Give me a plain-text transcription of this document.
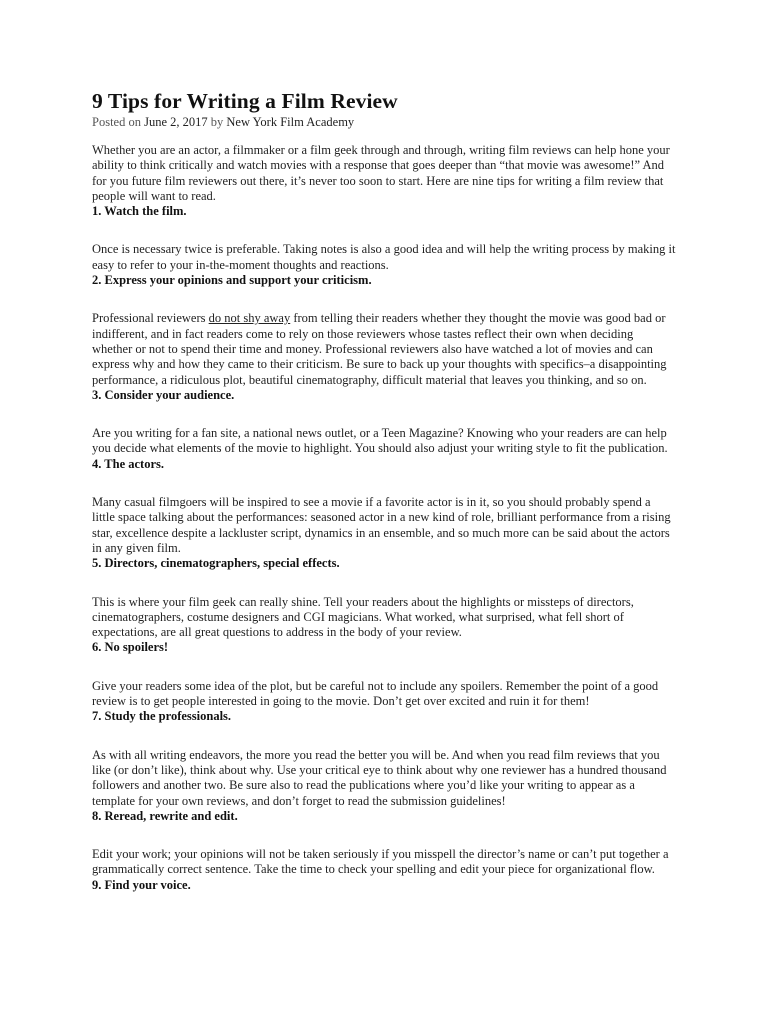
9 Tips for Writing a Film Review

Posted on June 2, 2017 by New York Film Academy

Whether you are an actor, a filmmaker or a film geek through and through, writing film reviews can help hone your ability to think critically and watch movies with a response that goes deeper than “that movie was awesome!” And for you future film reviewers out there, it’s never too soon to start. Here are nine tips for writing a film review that people will want to read.

1. Watch the film.

Once is necessary twice is preferable. Taking notes is also a good idea and will help the writing process by making it easy to refer to your in-the-moment thoughts and reactions.

2. Express your opinions and support your criticism.

Professional reviewers do not shy away from telling their readers whether they thought the movie was good bad or indifferent, and in fact readers come to rely on those reviewers whose tastes reflect their own when deciding whether or not to spend their time and money. Professional reviewers also have watched a lot of movies and can express why and how they came to their criticism. Be sure to back up your thoughts with specifics–a disappointing performance, a ridiculous plot, beautiful cinematography, difficult material that leaves you thinking, and so on.

3. Consider your audience.

Are you writing for a fan site, a national news outlet, or a Teen Magazine? Knowing who your readers are can help you decide what elements of the movie to highlight. You should also adjust your writing style to fit the publication.

4. The actors.

Many casual filmgoers will be inspired to see a movie if a favorite actor is in it, so you should probably spend a little space talking about the performances: seasoned actor in a new kind of role, brilliant performance from a rising star, excellence despite a lackluster script, dynamics in an ensemble, and so much more can be said about the actors in any given film.

5. Directors, cinematographers, special effects.

This is where your film geek can really shine. Tell your readers about the highlights or missteps of directors, cinematographers, costume designers and CGI magicians. What worked, what surprised, what fell short of expectations, are all great questions to address in the body of your review.

6. No spoilers!

Give your readers some idea of the plot, but be careful not to include any spoilers. Remember the point of a good review is to get people interested in going to the movie. Don’t get over excited and ruin it for them!

7. Study the professionals.

As with all writing endeavors, the more you read the better you will be. And when you read film reviews that you like (or don’t like), think about why. Use your critical eye to think about why one reviewer has a hundred thousand followers and another two. Be sure also to read the publications where you’d like your writing to appear as a template for your own reviews, and don’t forget to read the submission guidelines!

8. Reread, rewrite and edit.

Edit your work; your opinions will not be taken seriously if you misspell the director’s name or can’t put together a grammatically correct sentence. Take the time to check your spelling and edit your piece for organizational flow.

9. Find your voice.
